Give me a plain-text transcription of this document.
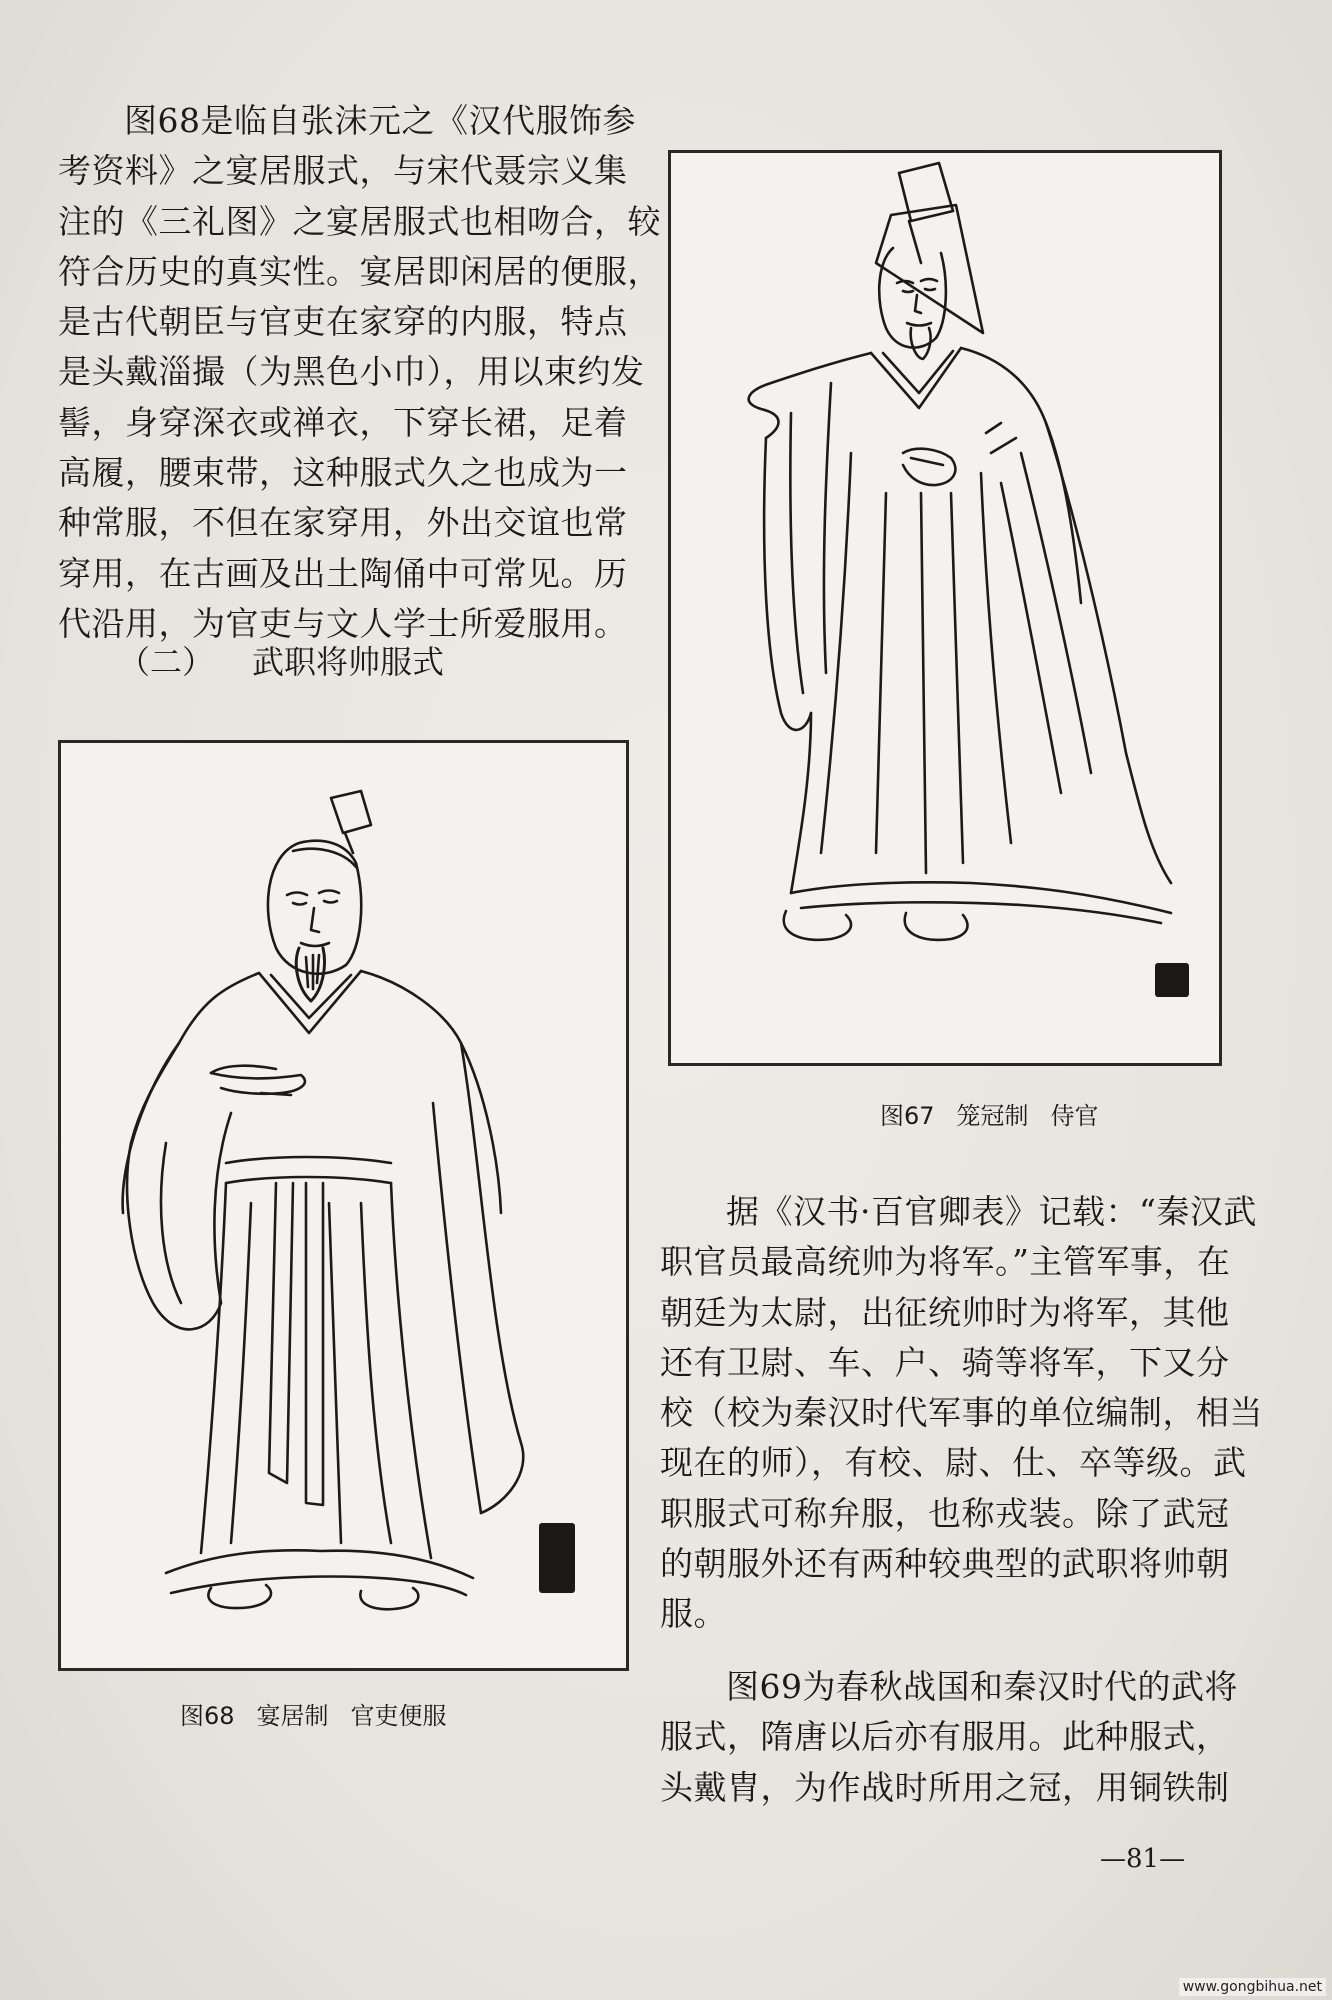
图68是临自张沫元之《汉代服饰参
考资料》之宴居服式，与宋代聂宗义集
注的《三礼图》之宴居服式也相吻合，较
符合历史的真实性。宴居即闲居的便服，
是古代朝臣与官吏在家穿的内服，特点
是头戴淄撮（为黑色小巾），用以束约发
髻，身穿深衣或禅衣，下穿长裙，足着
高履，腰束带，这种服式久之也成为一
种常服，不但在家穿用，外出交谊也常
穿用，在古画及出土陶俑中可常见。历
代沿用，为官吏与文人学士所爱服用。
（二） 武职将帅服式
图68 宴居制 官吏便服
图67 笼冠制 侍官
据《汉书·百官卿表》记载：“秦汉武
职官员最高统帅为将军。”主管军事，在
朝廷为太尉，出征统帅时为将军，其他
还有卫尉、车、户、骑等将军，下又分
校（校为秦汉时代军事的单位编制，相当
现在的师），有校、尉、仕、卒等级。武
职服式可称弁服，也称戎装。除了武冠
的朝服外还有两种较典型的武职将帅朝
服。
图69为春秋战国和秦汉时代的武将
服式，隋唐以后亦有服用。此种服式，
头戴胄，为作战时所用之冠，用铜铁制
—81—
www.gongbihua.net
